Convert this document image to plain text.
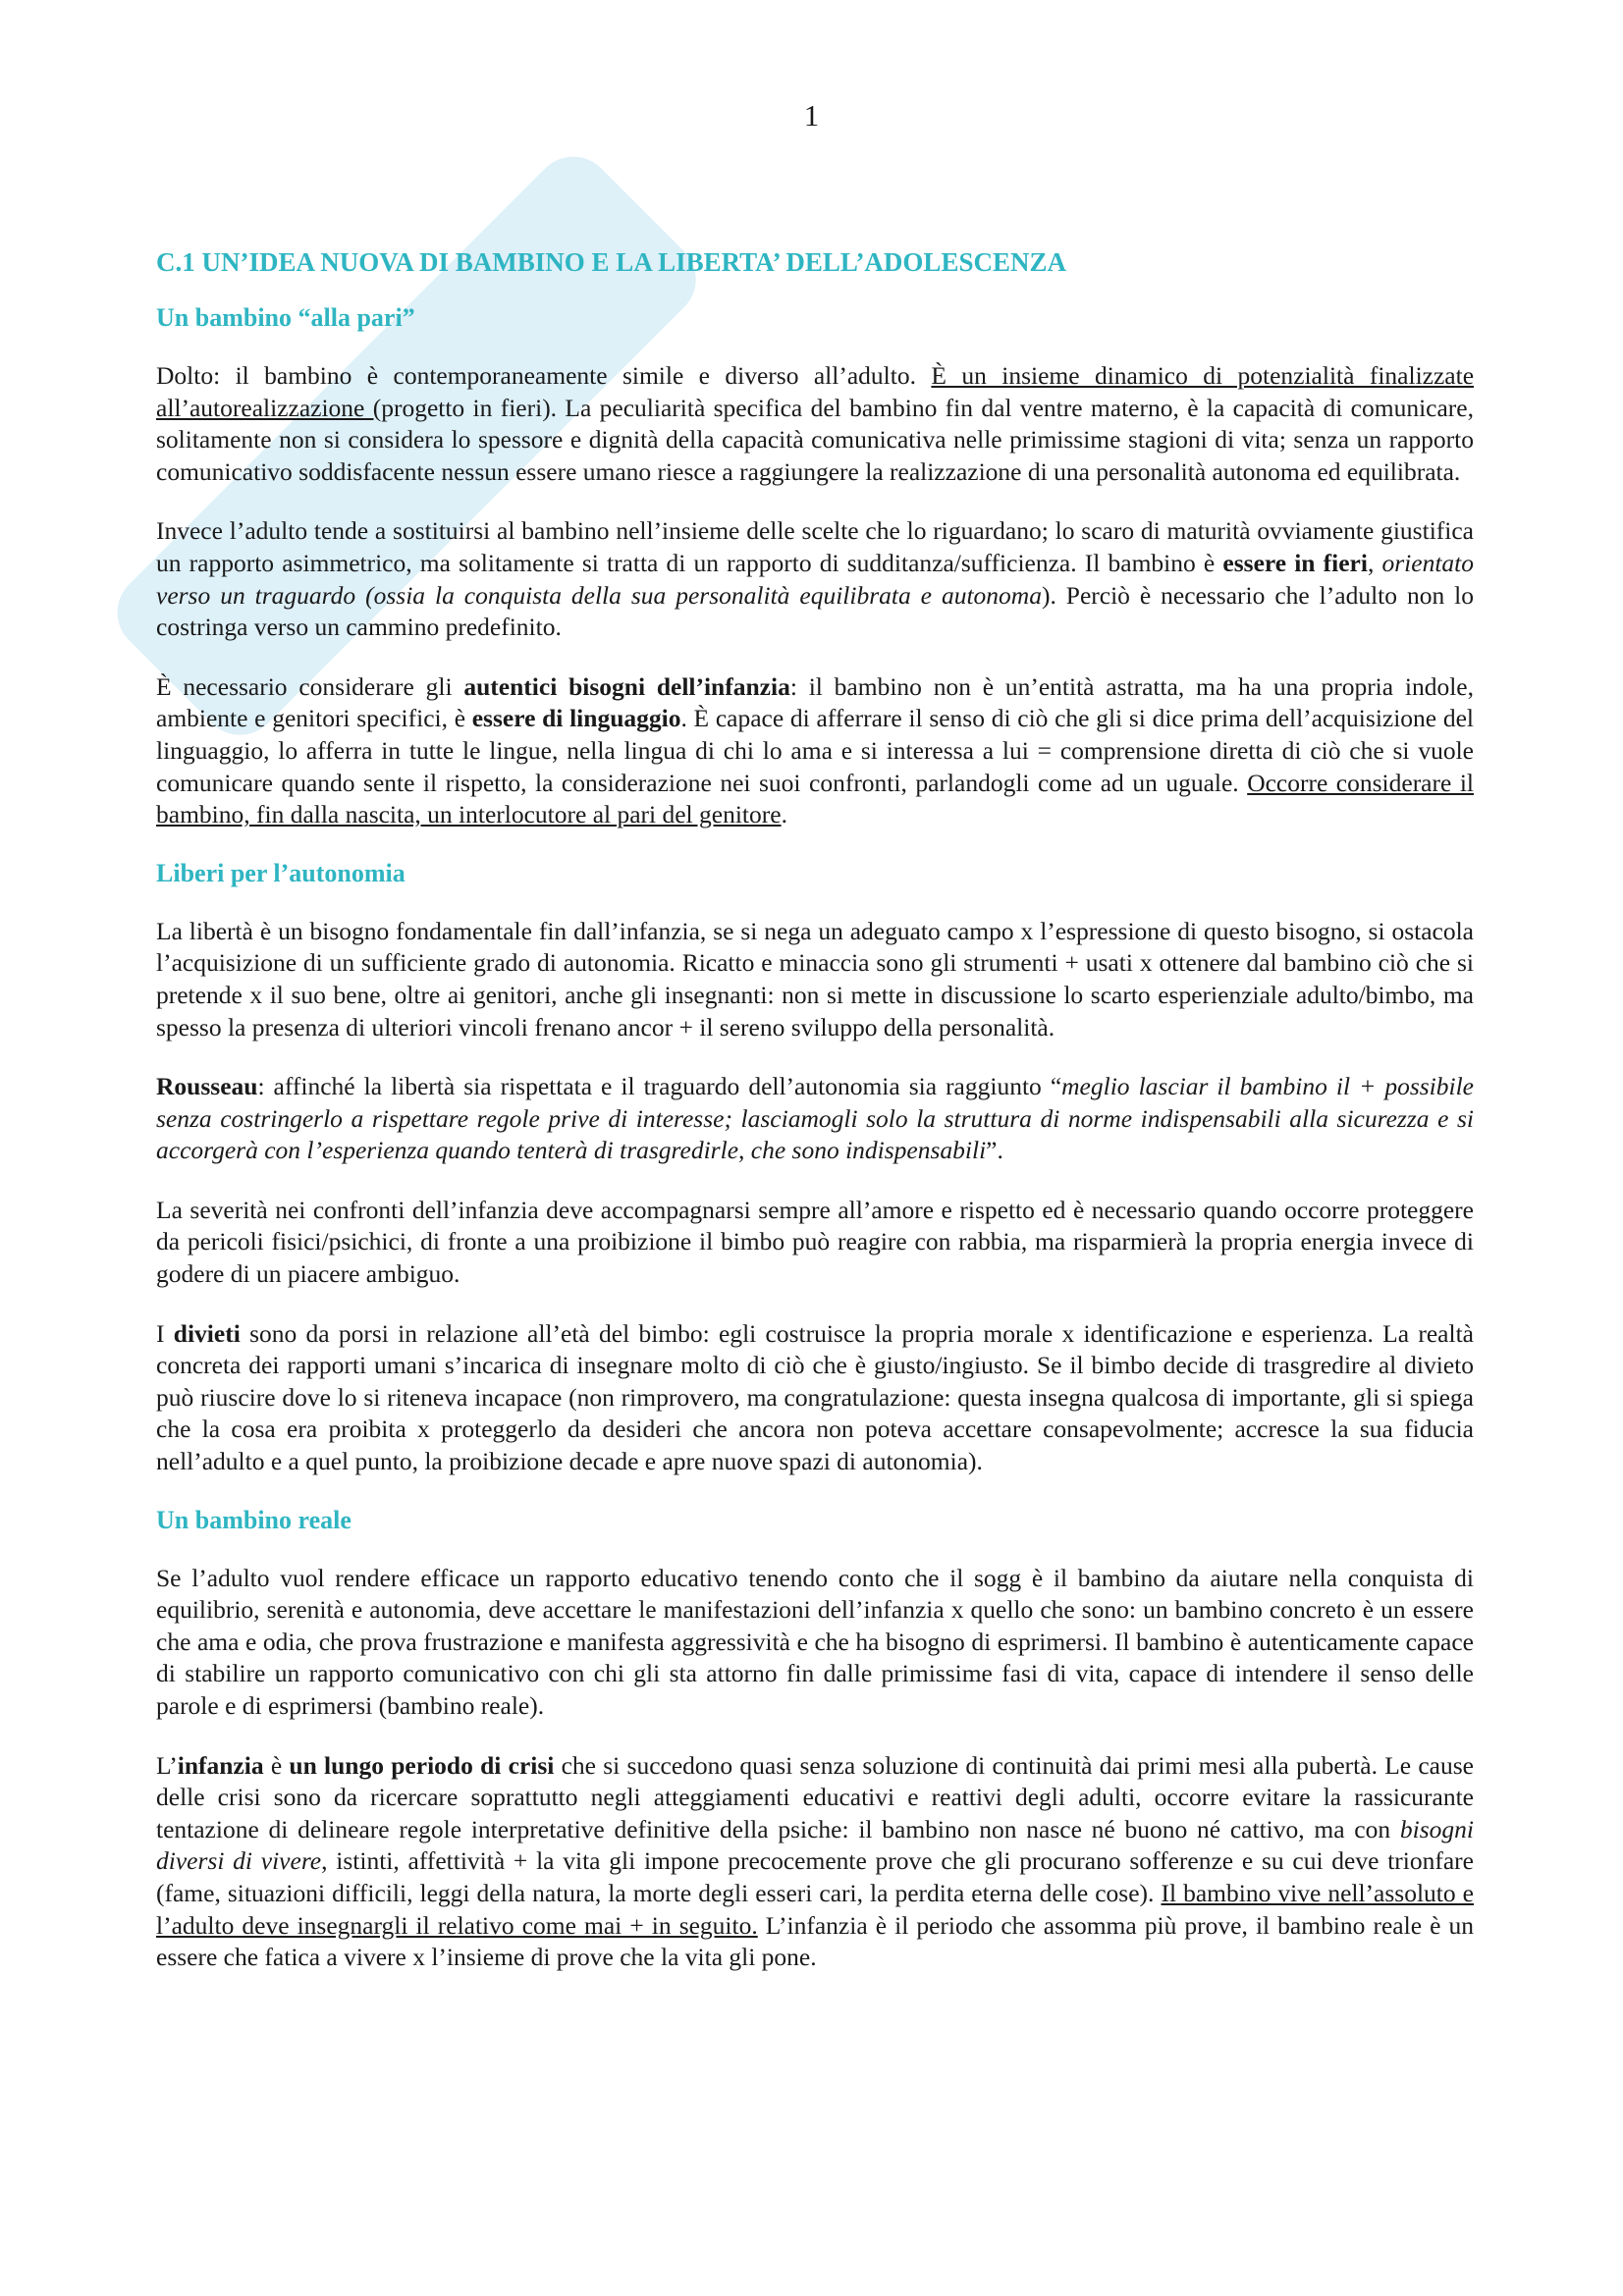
1
C.1 UN’IDEA NUOVA DI BAMBINO E LA LIBERTA’ DELL’ADOLESCENZA
Un bambino “alla pari”

Dolto: il bambino è contemporaneamente simile e diverso all’adulto. È un insieme dinamico di potenzialità finalizzate all’autorealizzazione (progetto in fieri). La peculiarità specifica del bambino fin dal ventre materno, è la capacità di comunicare, solitamente non si considera lo spessore e dignità della capacità comunicativa nelle primissime stagioni di vita; senza un rapporto comunicativo soddisfacente nessun essere umano riesce a raggiungere la realizzazione di una personalità autonoma ed equilibrata.

Invece l’adulto tende a sostituirsi al bambino nell’insieme delle scelte che lo riguardano; lo scaro di maturità ovviamente giustifica un rapporto asimmetrico, ma solitamente si tratta di un rapporto di sudditanza/sufficienza. Il bambino è essere in fieri, orientato verso un traguardo (ossia la conquista della sua personalità equilibrata e autonoma). Perciò è necessario che l’adulto non lo costringa verso un cammino predefinito.

È necessario considerare gli autentici bisogni dell’infanzia: il bambino non è un’entità astratta, ma ha una propria indole, ambiente e genitori specifici, è essere di linguaggio. È capace di afferrare il senso di ciò che gli si dice prima dell’acquisizione del linguaggio, lo afferra in tutte le lingue, nella lingua di chi lo ama e si interessa a lui = comprensione diretta di ciò che si vuole comunicare quando sente il rispetto, la considerazione nei suoi confronti, parlandogli come ad un uguale. Occorre considerare il bambino, fin dalla nascita, un interlocutore al pari del genitore.

Liberi per l’autonomia

La libertà è un bisogno fondamentale fin dall’infanzia, se si nega un adeguato campo x l’espressione di questo bisogno, si ostacola l’acquisizione di un sufficiente grado di autonomia. Ricatto e minaccia sono gli strumenti + usati x ottenere dal bambino ciò che si pretende x il suo bene, oltre ai genitori, anche gli insegnanti: non si mette in discussione lo scarto esperienziale adulto/bimbo, ma spesso la presenza di ulteriori vincoli frenano ancor + il sereno sviluppo della personalità.

Rousseau: affinché la libertà sia rispettata e il traguardo dell’autonomia sia raggiunto “meglio lasciar il bambino il + possibile senza costringerlo a rispettare regole prive di interesse; lasciamogli solo la struttura di norme indispensabili alla sicurezza e si accorgerà con l’esperienza quando tenterà di trasgredirle, che sono indispensabili”.

La severità nei confronti dell’infanzia deve accompagnarsi sempre all’amore e rispetto ed è necessario quando occorre proteggere da pericoli fisici/psichici, di fronte a una proibizione il bimbo può reagire con rabbia, ma risparmierà la propria energia invece di godere di un piacere ambiguo.

I divieti sono da porsi in relazione all’età del bimbo: egli costruisce la propria morale x identificazione e esperienza. La realtà concreta dei rapporti umani s’incarica di insegnare molto di ciò che è giusto/ingiusto. Se il bimbo decide di trasgredire al divieto può riuscire dove lo si riteneva incapace (non rimprovero, ma congratulazione: questa insegna qualcosa di importante, gli si spiega che la cosa era proibita x proteggerlo da desideri che ancora non poteva accettare consapevolmente; accresce la sua fiducia nell’adulto e a quel punto, la proibizione decade e apre nuove spazi di autonomia).

Un bambino reale

Se l’adulto vuol rendere efficace un rapporto educativo tenendo conto che il sogg è il bambino da aiutare nella conquista di equilibrio, serenità e autonomia, deve accettare le manifestazioni dell’infanzia x quello che sono: un bambino concreto è un essere che ama e odia, che prova frustrazione e manifesta aggressività e che ha bisogno di esprimersi. Il bambino è autenticamente capace di stabilire un rapporto comunicativo con chi gli sta attorno fin dalle primissime fasi di vita, capace di intendere il senso delle parole e di esprimersi (bambino reale).

L’infanzia è un lungo periodo di crisi che si succedono quasi senza soluzione di continuità dai primi mesi alla pubertà. Le cause delle crisi sono da ricercare soprattutto negli atteggiamenti educativi e reattivi degli adulti, occorre evitare la rassicurante tentazione di delineare regole interpretative definitive della psiche: il bambino non nasce né buono né cattivo, ma con bisogni diversi di vivere, istinti, affettività + la vita gli impone precocemente prove che gli procurano sofferenze e su cui deve trionfare (fame, situazioni difficili, leggi della natura, la morte degli esseri cari, la perdita eterna delle cose). Il bambino vive nell’assoluto e l’adulto deve insegnargli il relativo come mai + in seguito. L’infanzia è il periodo che assomma più prove, il bambino reale è un essere che fatica a vivere x l’insieme di prove che la vita gli pone.
